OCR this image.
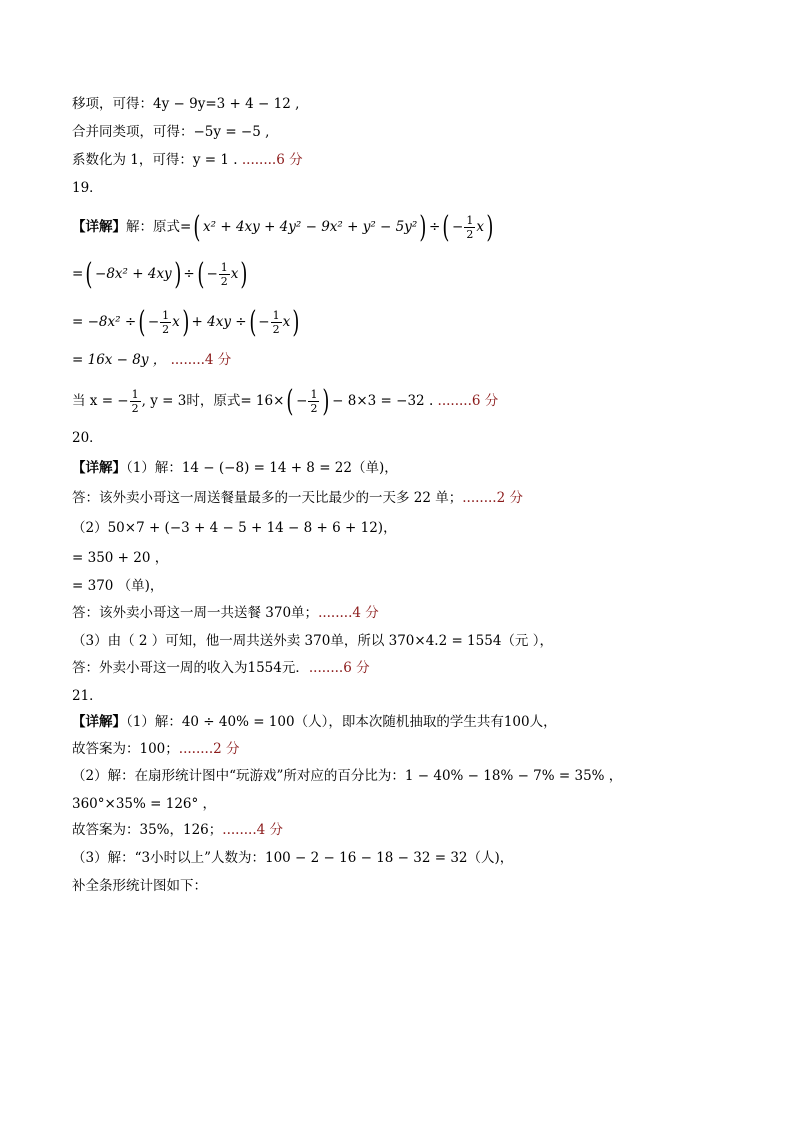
移项，可得：4y − 9y=3 + 4 − 12 ,
合并同类项，可得：−5y = −5 ,
系数化为 1，可得：y = 1 . ........6 分
19．
【详解】解：原式=( x² + 4xy + 4y² − 9x² + y² − 5y²) ÷( − $\frac{1}{2} x$)
=( −8x² + 4xy) ÷( − $\frac{1}{2} x$)
= −8x² ÷( − $\frac{1}{2} x) + 4xy$ ÷( − $\frac{1}{2} x$)
= 16x − 8y ， ........4 分
当 x = − $\frac{1}{2}$ , y = 3时，原式= $16\times( - \frac{1}{2}$ ) − 8×3 = −32 . ........6 分
20．
【详解】（1）解：14 − (−8) = 14 + 8 = 22（单)，
答：该外卖小哥这一周送餐量最多的一天比最少的一天多 22 单；........2 分
（2）50×7 + (−3 + 4 − 5 + 14 − 8 + 6 + 12)，
= 350 + 20 ，
= 370 （单)，
答：该外卖小哥这一周一共送餐 370单；........4 分
（3）由（ 2 ）可知，他一周共送外卖 370单，所以 370×4.2 = 1554（元 ），
答：外卖小哥这一周的收入为1554元．........6 分
21．
【详解】（1）解：40 ÷ 40% = 100（人），即本次随机抽取的学生共有100人，
故答案为：100；........2 分
（2）解：在扇形统计图中“玩游戏”所对应的百分比为：1 − 40% − 18% − 7% = 35% ，
360°×35% = 126° ，
故答案为：35%，126；........4 分
（3）解：“3小时以上”人数为：100 − 2 − 16 − 18 − 32 = 32（人)，
补全条形统计图如下：
